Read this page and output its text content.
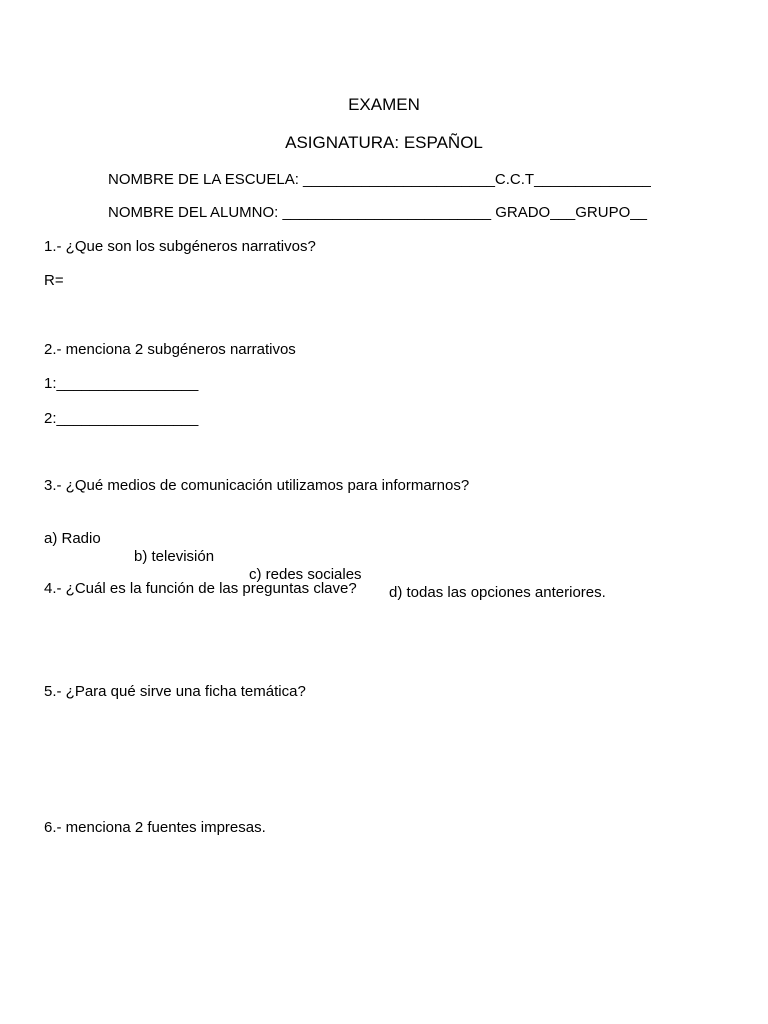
EXAMEN
ASIGNATURA: ESPAÑOL
NOMBRE DE LA ESCUELA: _______________________C.C.T______________
NOMBRE DEL ALUMNO: _________________________ GRADO___GRUPO__
1.- ¿Que son los subgéneros narrativos?
R=
2.- menciona 2 subgéneros narrativos
1:_________________
2:_________________
3.- ¿Qué medios de comunicación utilizamos para informarnos?

a) Radio

b) televisión

c) redes sociales

d) todas las opciones anteriores.

4.- ¿Cuál es la función de las preguntas clave?
5.- ¿Para qué sirve una ficha temática?
6.- menciona 2 fuentes impresas.
